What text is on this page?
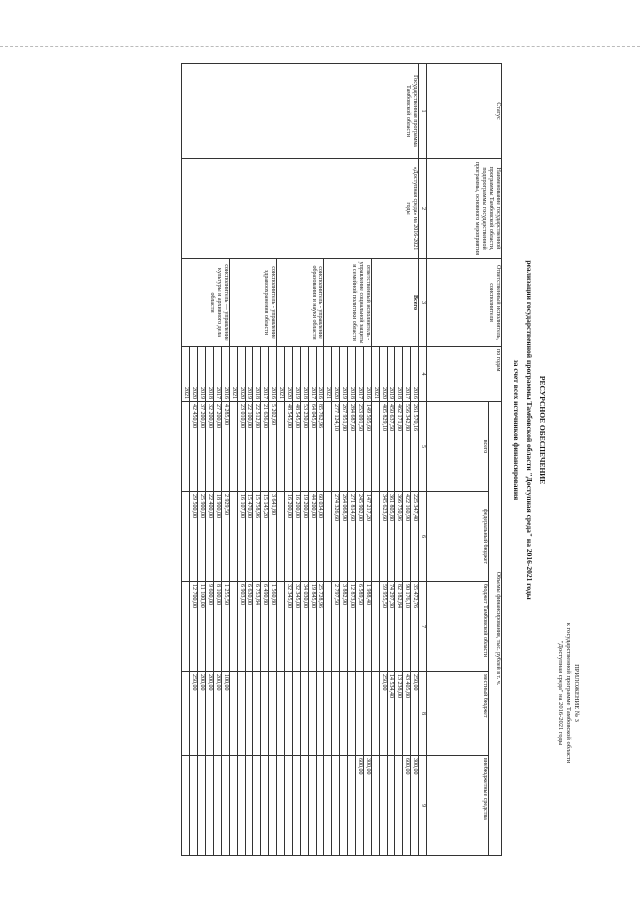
ПРИЛОЖЕНИЕ № 3
к государственной программе Тамбовской области
"Доступная среда" на 2016-2021 годы
РЕСУРСНОЕ ОБЕСПЕЧЕНИЕ
реализации государственной программы Тамбовской области "Доступная среда" на 2016-2021 годы
за счет всех источников финансирования
Статус	Наименование государственной программы Тамбовской области, подпрограммы государственной программы, основного мероприятия	Ответственный исполнитель, соисполнители	по годам	Объемы финансирования, тыс. рублей в т. ч.				
				всего	федеральный бюджет	бюджет Тамбовской области	местный бюджет	внебюджетные средства
1	2	3	4	5	6	7	8	9
Государственная программа Тамбовской области	«Доступная среда» на 2016-2021 годы	Всего	2016	261 570,16	225 347,40	35 472,76	250,00	300,00
			2017	556 342,80	422 160,90	90 176,10	43 405,80	600,00
			2018	462 171,80	366 750,96	82 182,84	13 238,00	
			2019	450 637,50	361 805,80	74 297,30	14 534,40	
			2020	405 829,10	345 623,60	59 955,50	250,00	
			2021					
		ответственный исполнитель - управление социальной защиты и семейной политики области	2016	149 505,60	147 217,20	1 988,40		300,00
			2017	253 091,50	245 902,00	6 589,50		600,00
			2018	284 687,60	271 814,60	12 873,00		
			2019	267 951,80	264 068,90	3 882,90		
			2020	277 124,10	274 326,60	2 797,50		
			2021					
		соисполнитель - управление образования и науки области	2016	85 762,96	60 034,00	25 728,96		
			2017	64 045,00	44 200,00	19 845,00		
			2018	53 230,00	19 200,00	34 030,00		
			2019	48 545,00	16 200,00	32 345,00		
			2020	48 545,00	16 200,00	32 345,00		
			2021					
		соисполнитель - управление здравоохранения области	2016	5 202,60	3 641,80	1 560,80		
			2017	21 636,00	15 145,20	6 490,80		
			2018	22 512,80	15 758,96	6 753,84		
			2019	22 100,00	15 470,00	6 630,00		
			2020	23 010,00	16 107,00	6 903,00		
			2021					
		соисполнитель — управление культуры и архивного дела области	2016	4 285,00	2 929,50	1 255,50	100,00	
			2017	27 200,00	18 900,00	8 100,00	200,00	
			2018	32 200,00	22 400,00	9 600,00	200,00	
			2019	37 200,00	25 900,00	11 100,00	200,00	
			2020	42 450,00	29 500,00	12 700,00	250,00	
			2021					
